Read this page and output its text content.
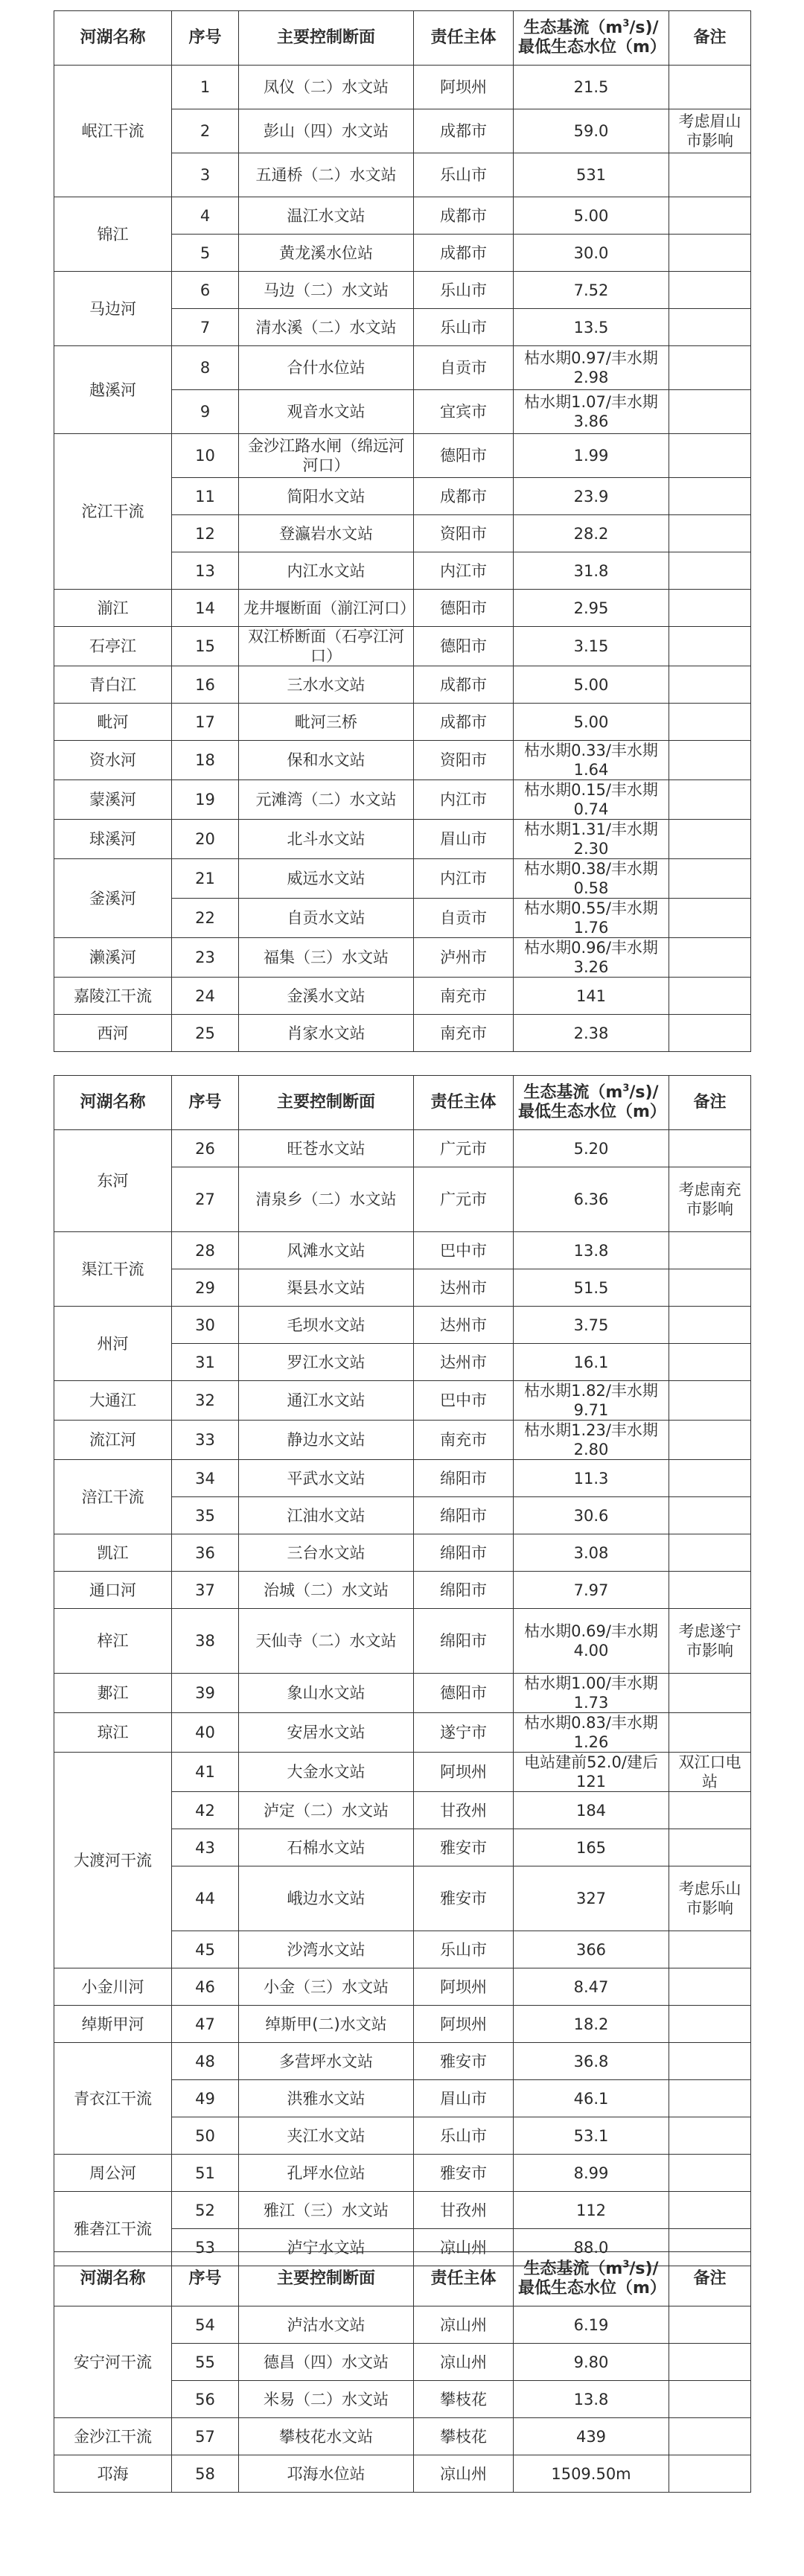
河湖名称	序号	主要控制断面	责任主体	生态基流$(m^3/s)/$最低生态水位（m）	备注
岷江干流	1	凤仪（二）水文站	阿坝州	21.5	
	2	彭山（四）水文站	成都市	59.0	考虑眉山市影响
	3	五通桥（二）水文站	乐山市	531	
锦江	4	温江水文站	成都市	5.00	
	5	黄龙溪水位站	成都市	30.0	
马边河	6	马边（二）水文站	乐山市	7.52	
	7	清水溪（二）水文站	乐山市	13.5	
越溪河	8	合什水位站	自贡市	枯水期0.97/丰水期2.98	
	9	观音水文站	宜宾市	枯水期1.07/丰水期3.86	
沱江干流	10	金沙江路水闸（绵远河河口）	德阳市	1.99	
	11	简阳水文站	成都市	23.9	
	12	登瀛岩水文站	资阳市	28.2	
	13	内江水文站	内江市	31.8	
湔江	14	龙井堰断面（湔江河口）	德阳市	2.95	
石亭江	15	双江桥断面（石亭江河口）	德阳市	3.15	
青白江	16	三水水文站	成都市	5.00	
毗河	17	毗河三桥	成都市	5.00	
资水河	18	保和水文站	资阳市	枯水期0.33/丰水期1.64	
蒙溪河	19	元滩湾（二）水文站	内江市	枯水期0.15/丰水期0.74	
球溪河	20	北斗水文站	眉山市	枯水期1.31/丰水期2.30	
釜溪河	21	威远水文站	内江市	枯水期0.38/丰水期0.58	
	22	自贡水文站	自贡市	枯水期0.55/丰水期1.76	
濑溪河	23	福集（三）水文站	泸州市	枯水期0.96/丰水期3.26	
嘉陵江干流	24	金溪水文站	南充市	141	
西河	25	肖家水文站	南充市	2.38	
河湖名称	序号	主要控制断面	责任主体	生态基流$(m^3/s)/$最低生态水位（m）	备注
东河	26	旺苍水文站	广元市	5.20	
	27	清泉乡（二）水文站	广元市	6.36	考虑南充市影响
渠江干流	28	风滩水文站	巴中市	13.8	
	29	渠县水文站	达州市	51.5	
州河	30	毛坝水文站	达州市	3.75	
	31	罗江水文站	达州市	16.1	
大通江	32	通江水文站	巴中市	枯水期1.82/丰水期9.71	
流江河	33	静边水文站	南充市	枯水期1.23/丰水期2.80	
涪江干流	34	平武水文站	绵阳市	11.3	
	35	江油水文站	绵阳市	30.6	
凯江	36	三台水文站	绵阳市	3.08	
通口河	37	治城（二）水文站	绵阳市	7.97	
梓江	38	天仙寺（二）水文站	绵阳市	枯水期0.69/丰水期4.00	考虑遂宁市影响
郪江	39	象山水文站	德阳市	枯水期1.00/丰水期1.73	
琼江	40	安居水文站	遂宁市	枯水期0.83/丰水期1.26	
大渡河干流	41	大金水文站	阿坝州	电站建前52.0/建后121	双江口电站
	42	泸定（二）水文站	甘孜州	184	
	43	石棉水文站	雅安市	165	
	44	峨边水文站	雅安市	327	考虑乐山市影响
	45	沙湾水文站	乐山市	366	
小金川河	46	小金（三）水文站	阿坝州	8.47	
绰斯甲河	47	绰斯甲(二)水文站	阿坝州	18.2	
青衣江干流	48	多营坪水文站	雅安市	36.8	
	49	洪雅水文站	眉山市	46.1	
	50	夹江水文站	乐山市	53.1	
周公河	51	孔坪水位站	雅安市	8.99	
雅砻江干流	52	雅江（三）水文站	甘孜州	112	
	53	泸宁水文站	凉山州	88.0	
河湖名称	序号	主要控制断面	责任主体	生态基流$(m^3/s)/$最低生态水位（m）	备注
安宁河干流	54	泸沽水文站	凉山州	6.19	
	55	德昌（四）水文站	凉山州	9.80	
	56	米易（二）水文站	攀枝花	13.8	
金沙江干流	57	攀枝花水文站	攀枝花	439	
邛海	58	邛海水位站	凉山州	1509.50m	
